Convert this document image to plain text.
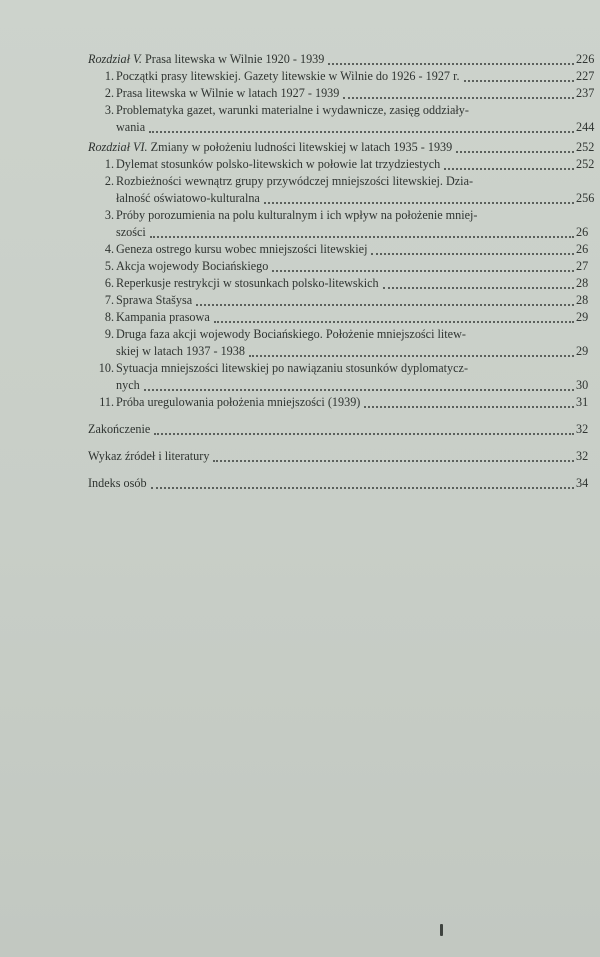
Rozdział V. Prasa litewska w Wilnie 1920 - 1939	226
1. Początki prasy litewskiej. Gazety litewskie w Wilnie do 1926 - 1927 r.	227
2. Prasa litewska w Wilnie w latach 1927 - 1939	237
3. Problematyka gazet, warunki materialne i wydawnicze, zasięg oddziały-
wania	244
Rozdział VI. Zmiany w położeniu ludności litewskiej w latach 1935 - 1939	252
1. Dylemat stosunków polsko-litewskich w połowie lat trzydziestych	252
2. Rozbieżności wewnątrz grupy przywódczej mniejszości litewskiej. Dzia-
łalność oświatowo-kulturalna	256
3. Próby porozumienia na polu kulturalnym i ich wpływ na położenie mniej-
szości	26
4. Geneza ostrego kursu wobec mniejszości litewskiej	26
5. Akcja wojewody Bociańskiego	27
6. Reperkusje restrykcji w stosunkach polsko-litewskich	28
7. Sprawa Stašysa	28
8. Kampania prasowa	29
9. Druga faza akcji wojewody Bociańskiego. Położenie mniejszości litew-
skiej w latach 1937 - 1938	29
10. Sytuacja mniejszości litewskiej po nawiązaniu stosunków dyplomatycz-
nych	30
11. Próba uregulowania położenia mniejszości (1939)	31
Zakończenie	32
Wykaz źródeł i literatury	32
Indeks osób	34
